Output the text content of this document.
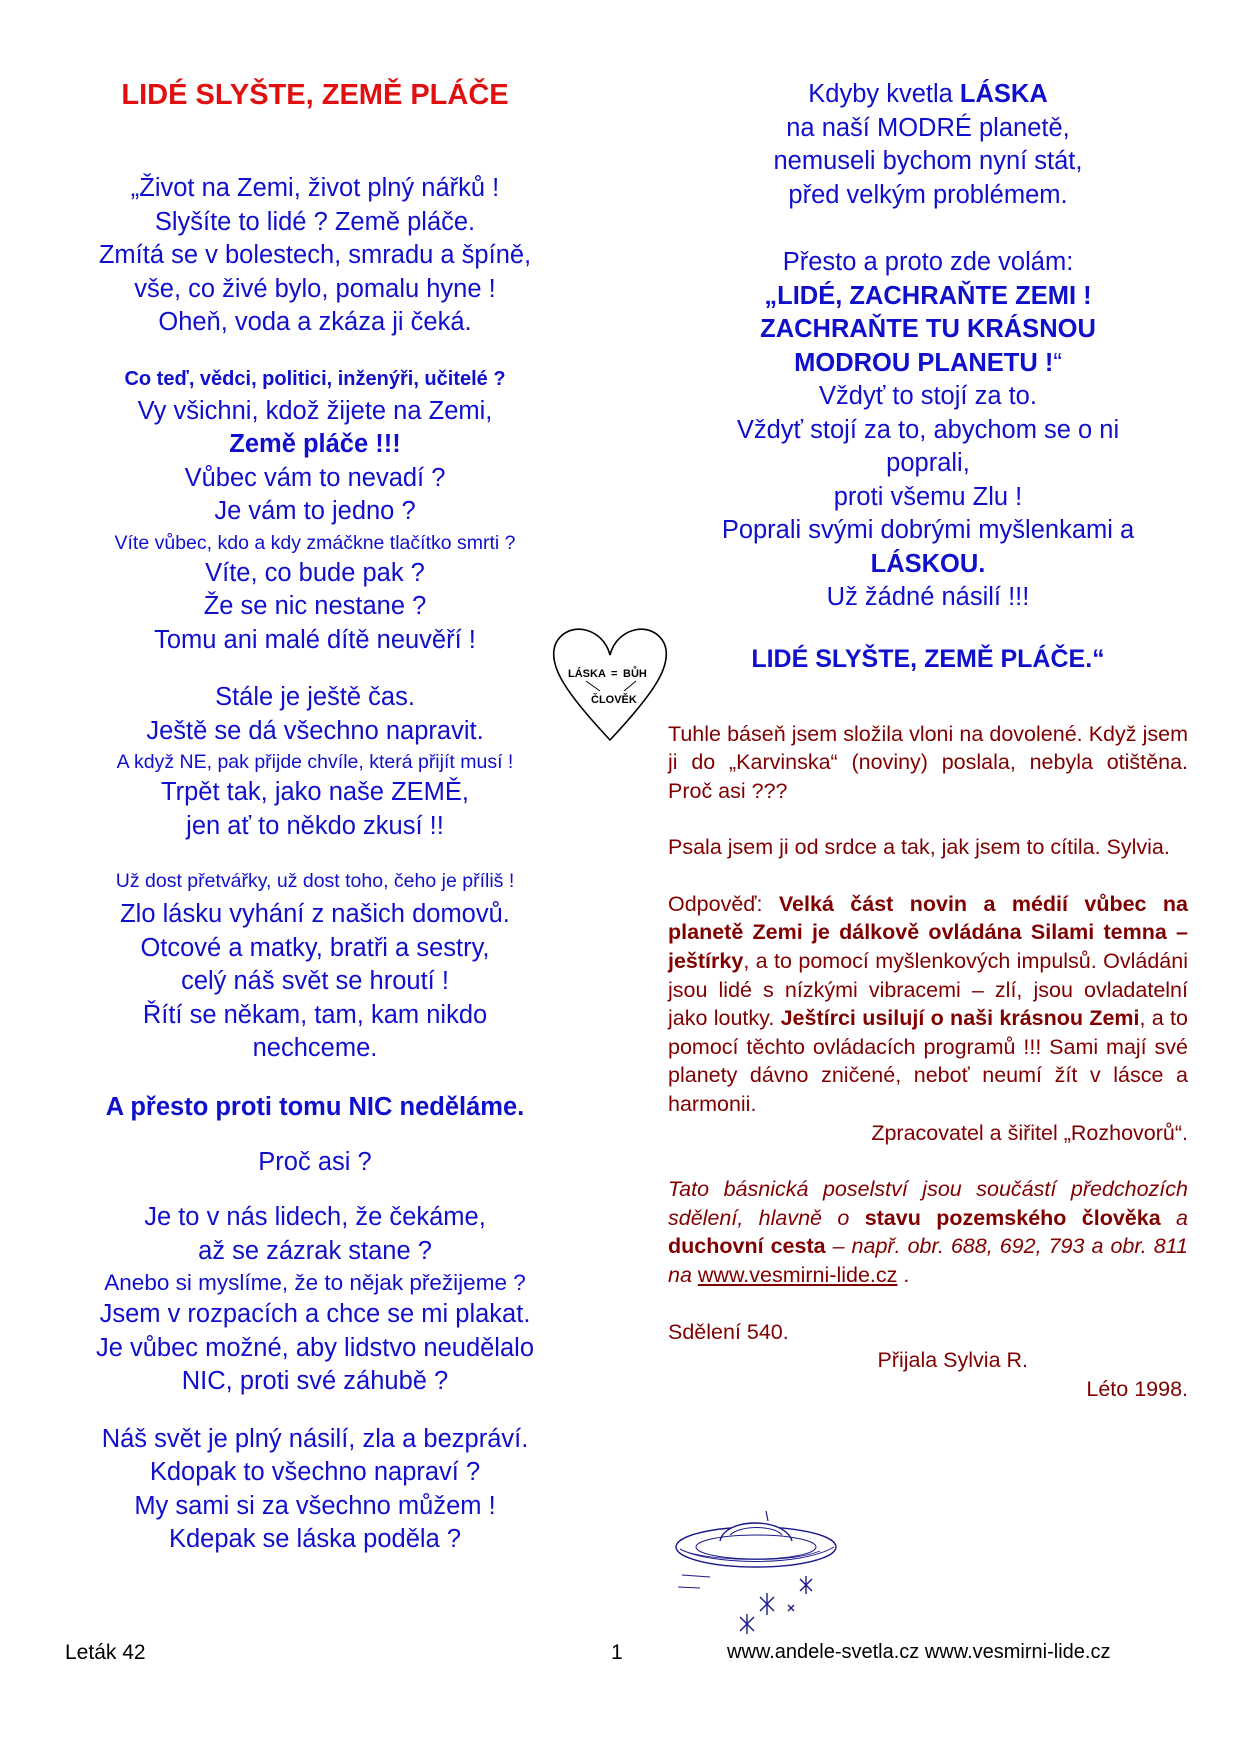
LIDÉ SLYŠTE, ZEMĚ PLÁČE
„Život na Zemi, život plný nářků !
Slyšíte to lidé ? Země pláče.
Zmítá se v bolestech, smradu a špíně,
vše, co živé bylo, pomalu hyne !
Oheň, voda a zkáza ji čeká.
Co teď, vědci, politici, inženýři, učitelé ?
Vy všichni, kdož žijete na Zemi,
Země pláče !!!
Vůbec vám to nevadí ?
Je vám to jedno ?
Víte vůbec, kdo a kdy zmáčkne tlačítko smrti ?
Víte, co bude pak ?
Že se nic nestane ?
Tomu ani malé dítě neuvěří !
Stále je ještě čas.
Ještě se dá všechno napravit.
A když NE, pak přijde chvíle, která přijít musí !
Trpět tak, jako naše ZEMĚ,
jen ať to někdo zkusí !!
Už dost přetvářky, už dost toho, čeho je příliš !
Zlo lásku vyhání z našich domovů.
Otcové a matky, bratři a sestry,
celý náš svět se hroutí !
Řítí se někam, tam, kam nikdo
nechceme.
A přesto proti tomu NIC neděláme.
Proč asi ?
Je to v nás lidech, že čekáme,
až se zázrak stane ?
Anebo si myslíme, že to nějak přežijeme ?
Jsem v rozpacích a chce se mi plakat.
Je vůbec možné, aby lidstvo neudělalo
NIC, proti své záhubě ?
Náš svět je plný násilí, zla a bezpráví.
Kdopak to všechno napraví ?
My sami si za všechno můžem !
Kdepak se láska poděla ?
Kdyby kvetla LÁSKA
na naší MODRÉ planetě,
nemuseli bychom nyní stát,
před velkým problémem.
Přesto a proto zde volám:
„LIDÉ, ZACHRAŇTE ZEMI !
ZACHRAŇTE TU KRÁSNOU
MODROU PLANETU !“
Vždyť to stojí za to.
Vždyť stojí za to, abychom se o ni
poprali,
proti všemu Zlu !
Poprali svými dobrými myšlenkami a
LÁSKOU.
Už žádné násilí !!!
LIDÉ SLYŠTE, ZEMĚ PLÁČE.“

Tuhle báseň jsem složila vloni na dovolené. Když jsem ji do „Karvinska“ (noviny) poslala, nebyla otištěna. Proč asi ???

Psala jsem ji od srdce a tak, jak jsem to cítila. Sylvia.

Odpověď: Velká část novin a médií vůbec na planetě Zemi je dálkově ovládána Silami temna – ještírky, a to pomocí myšlenkových impulsů. Ovládáni jsou lidé s nízkými vibracemi – zlí, jsou ovladatelní jako loutky. Ještírci usilují o naši krásnou Zemi, a to pomocí těchto ovládacích programů !!! Sami mají své planety dávno zničené, neboť neumí žít v lásce a harmonii.

Zpracovatel a šiřitel „Rozhovorů“.

Tato básnická poselství jsou součástí předchozích sdělení, hlavně o stavu pozemského člověka a duchovní cesta – např. obr. 688, 692, 793 a obr. 811 na www.vesmirni-lide.cz .

Sdělení 540.

Přijala Sylvia R.

Léto 1998.

LÁSKA = BŮH
ČLOVĚK
Leták 42	1	www.andele-svetla.cz www.vesmirni-lide.cz
